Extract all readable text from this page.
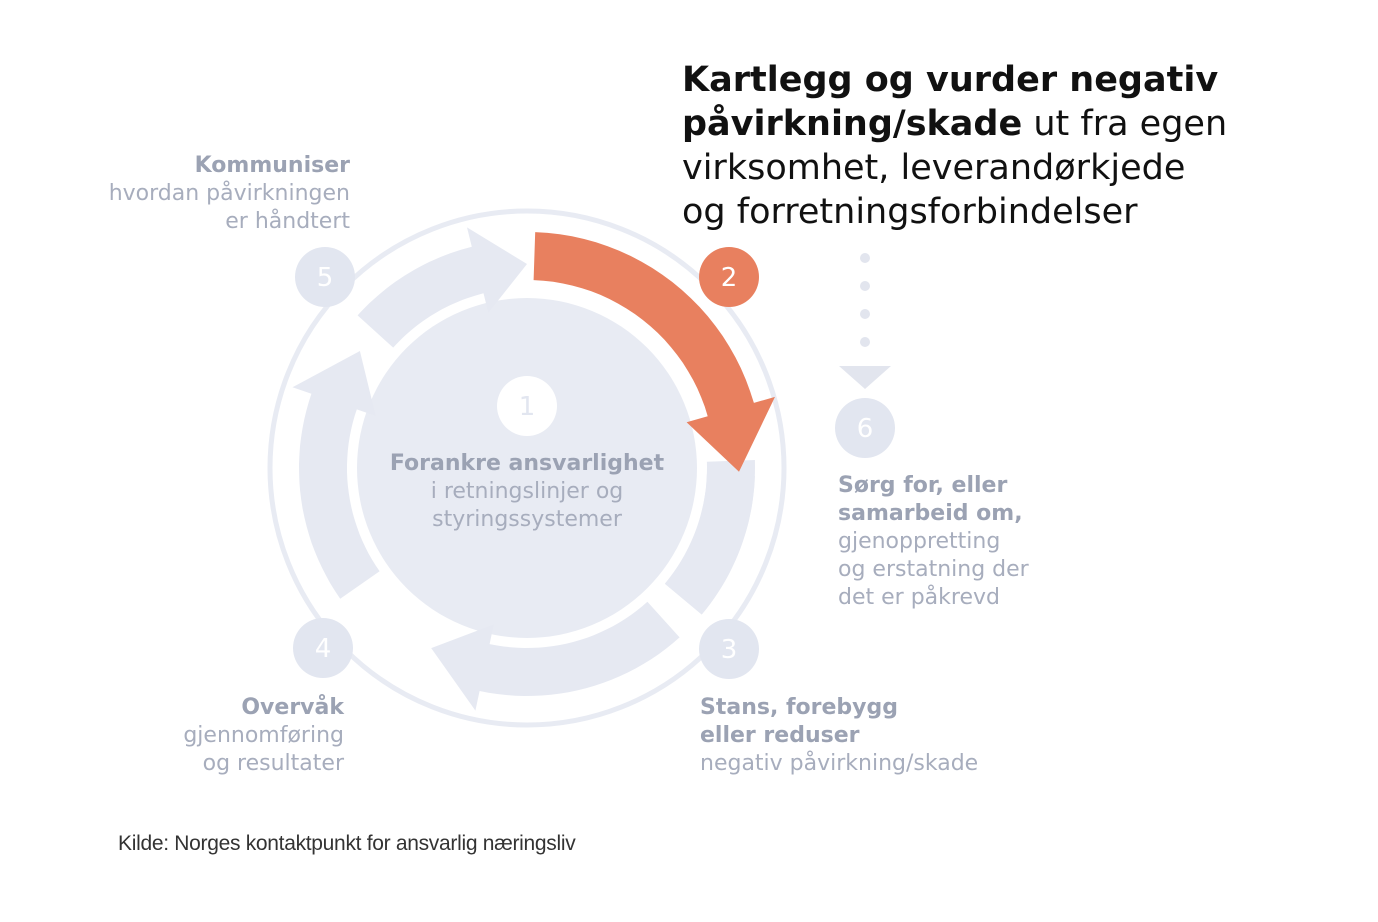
1
2
3
4
5
6
Forankre ansvarlighet
i retningslinjer og
styringssystemer
Kartlegg og vurder negativ
påvirkning/skade ut fra egen
virksomhet, leverandørkjede
og forretningsforbindelser
Kommuniser
hvordan påvirkningen
er håndtert
Sørg for, eller
samarbeid om,
gjenoppretting
og erstatning der
det er påkrevd
Stans, forebygg
eller reduser
negativ påvirkning/skade
Overvåk
gjennomføring
og resultater
Kilde: Norges kontaktpunkt for ansvarlig næringsliv
